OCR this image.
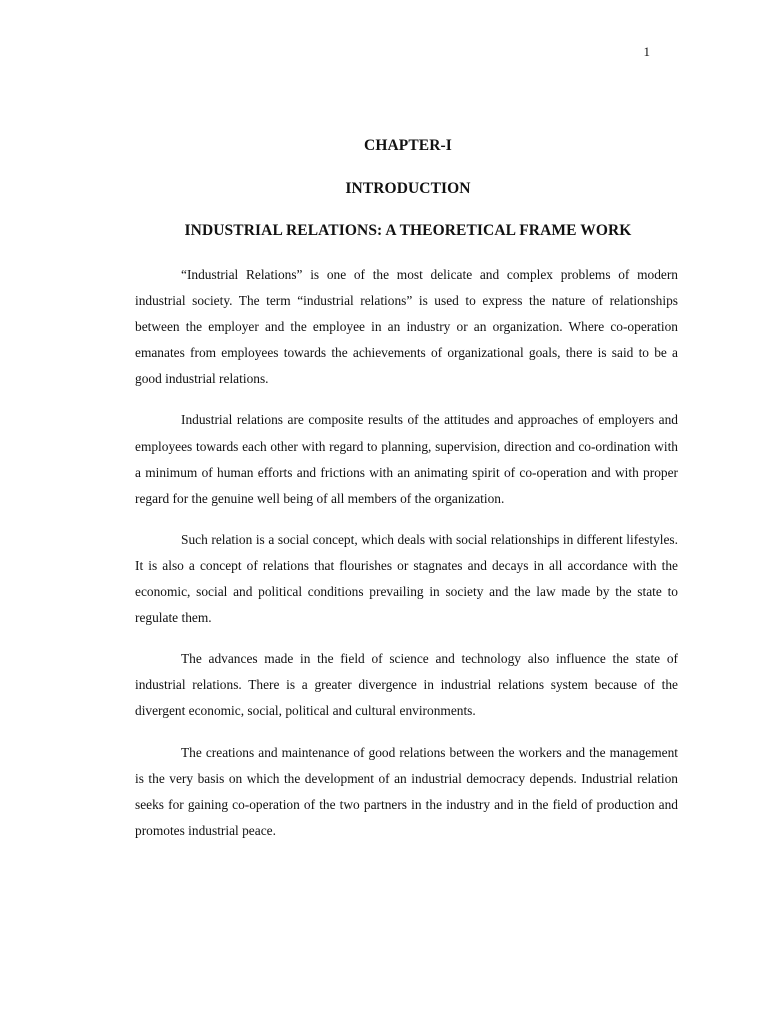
1
CHAPTER-I
INTRODUCTION
INDUSTRIAL RELATIONS: A THEORETICAL FRAME WORK

“Industrial Relations” is one of the most delicate and complex problems of modern industrial society. The term “industrial relations” is used to express the nature of relationships between the employer and the employee in an industry or an organization. Where co-operation emanates from employees towards the achievements of organizational goals, there is said to be a good industrial relations.

Industrial relations are composite results of the attitudes and approaches of employers and employees towards each other with regard to planning, supervision, direction and co-ordination with a minimum of human efforts and frictions with an animating spirit of co-operation and with proper regard for the genuine well being of all members of the organization.

Such relation is a social concept, which deals with social relationships in different lifestyles. It is also a concept of relations that flourishes or stagnates and decays in all accordance with the economic, social and political conditions prevailing in society and the law made by the state to regulate them.

The advances made in the field of science and technology also influence the state of industrial relations. There is a greater divergence in industrial relations system because of the divergent economic, social, political and cultural environments.

The creations and maintenance of good relations between the workers and the management is the very basis on which the development of an industrial democracy depends. Industrial relation seeks for gaining co-operation of the two partners in the industry and in the field of production and promotes industrial peace.
